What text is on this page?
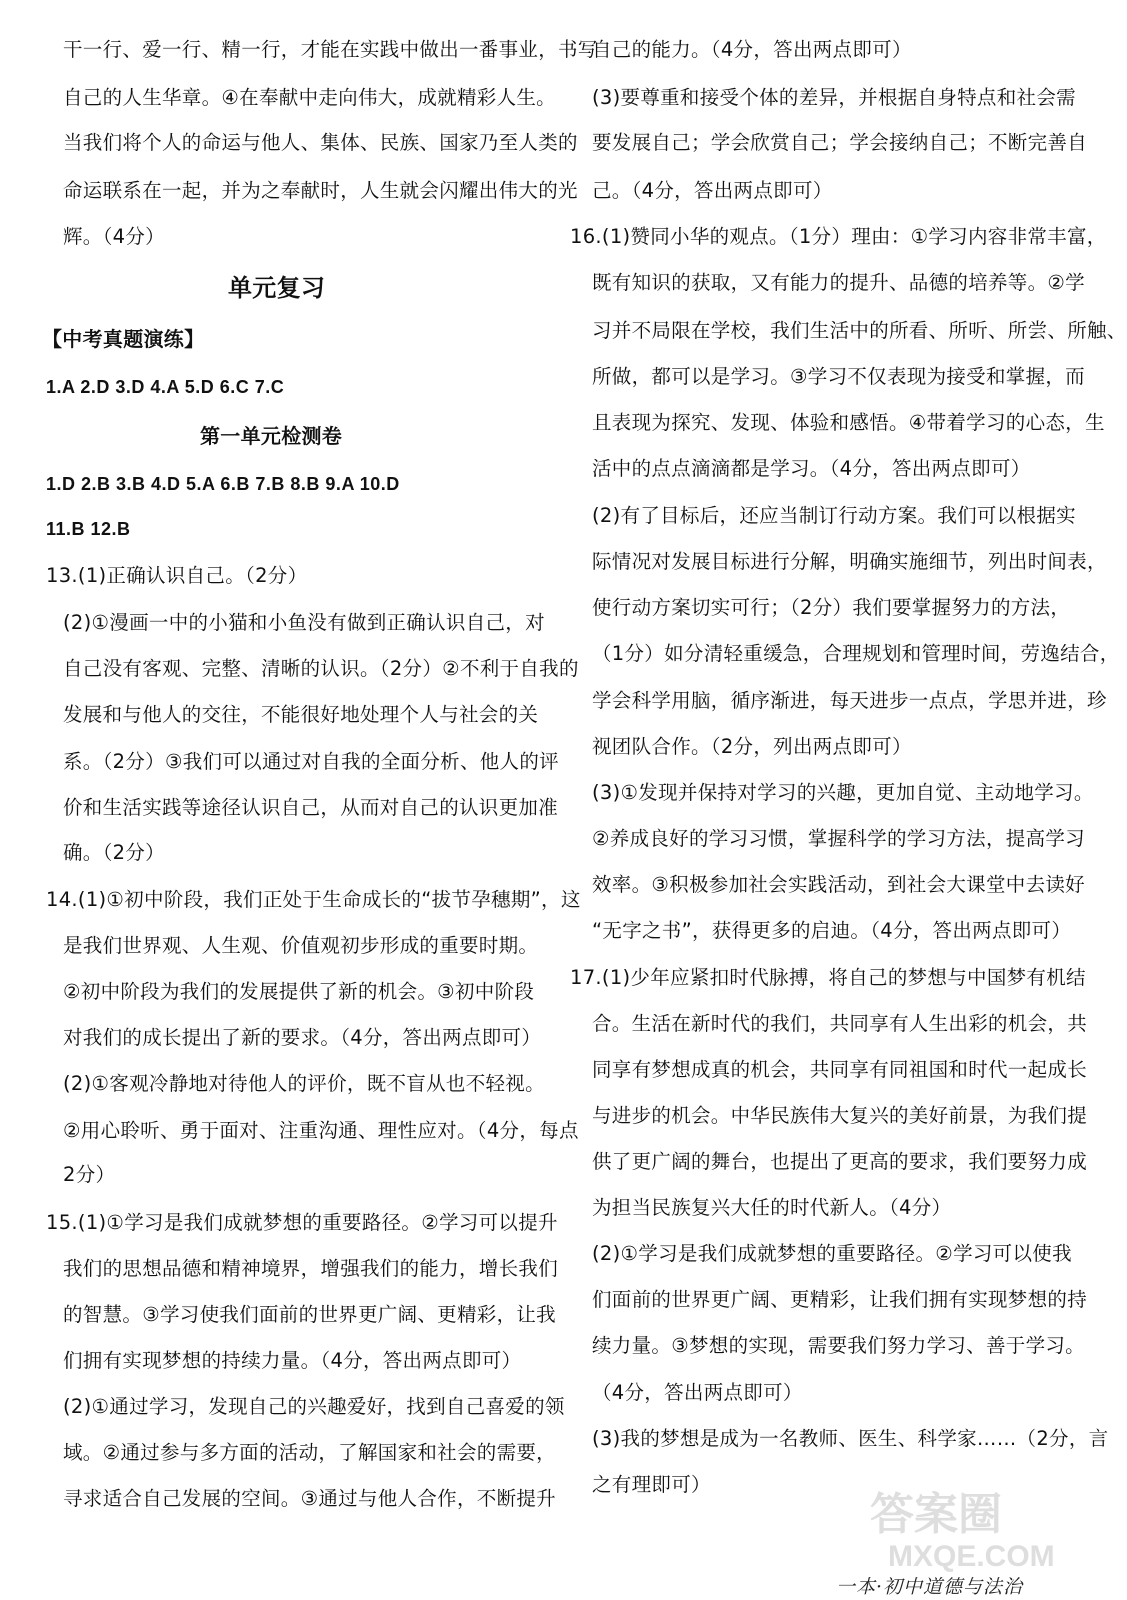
干一行、爱一行、精一行，才能在实践中做出一番事业，书写
自己的人生华章。④在奉献中走向伟大，成就精彩人生。
当我们将个人的命运与他人、集体、民族、国家乃至人类的
命运联系在一起，并为之奉献时，人生就会闪耀出伟大的光
辉。（4分）
单元复习
【中考真题演练】
1.A 2.D 3.D 4.A 5.D 6.C 7.C
第一单元检测卷
1.D 2.B 3.B 4.D 5.A 6.B 7.B 8.B 9.A 10.D
11.B 12.B
13.(1)正确认识自己。（2分）
(2)①漫画一中的小猫和小鱼没有做到正确认识自己，对
自己没有客观、完整、清晰的认识。（2分）②不利于自我的
发展和与他人的交往，不能很好地处理个人与社会的关
系。（2分）③我们可以通过对自我的全面分析、他人的评
价和生活实践等途径认识自己，从而对自己的认识更加准
确。（2分）
14.(1)①初中阶段，我们正处于生命成长的“拔节孕穗期”，这
是我们世界观、人生观、价值观初步形成的重要时期。
②初中阶段为我们的发展提供了新的机会。③初中阶段
对我们的成长提出了新的要求。（4分，答出两点即可）
(2)①客观冷静地对待他人的评价，既不盲从也不轻视。
②用心聆听、勇于面对、注重沟通、理性应对。（4分，每点
2分）
15.(1)①学习是我们成就梦想的重要路径。②学习可以提升
我们的思想品德和精神境界，增强我们的能力，增长我们
的智慧。③学习使我们面前的世界更广阔、更精彩，让我
们拥有实现梦想的持续力量。（4分，答出两点即可）
(2)①通过学习，发现自己的兴趣爱好，找到自己喜爱的领
域。②通过参与多方面的活动，了解国家和社会的需要，
寻求适合自己发展的空间。③通过与他人合作，不断提升
自己的能力。（4分，答出两点即可）
(3)要尊重和接受个体的差异，并根据自身特点和社会需
要发展自己；学会欣赏自己；学会接纳自己；不断完善自
己。（4分，答出两点即可）
16.(1)赞同小华的观点。（1分）理由：①学习内容非常丰富，
既有知识的获取，又有能力的提升、品德的培养等。②学
习并不局限在学校，我们生活中的所看、所听、所尝、所触、
所做，都可以是学习。③学习不仅表现为接受和掌握，而
且表现为探究、发现、体验和感悟。④带着学习的心态，生
活中的点点滴滴都是学习。（4分，答出两点即可）
(2)有了目标后，还应当制订行动方案。我们可以根据实
际情况对发展目标进行分解，明确实施细节，列出时间表，
使行动方案切实可行；（2分）我们要掌握努力的方法，
（1分）如分清轻重缓急，合理规划和管理时间，劳逸结合，
学会科学用脑，循序渐进，每天进步一点点，学思并进，珍
视团队合作。（2分，列出两点即可）
(3)①发现并保持对学习的兴趣，更加自觉、主动地学习。
②养成良好的学习习惯，掌握科学的学习方法，提高学习
效率。③积极参加社会实践活动，到社会大课堂中去读好
“无字之书”，获得更多的启迪。（4分，答出两点即可）
17.(1)少年应紧扣时代脉搏，将自己的梦想与中国梦有机结
合。生活在新时代的我们，共同享有人生出彩的机会，共
同享有梦想成真的机会，共同享有同祖国和时代一起成长
与进步的机会。中华民族伟大复兴的美好前景，为我们提
供了更广阔的舞台，也提出了更高的要求，我们要努力成
为担当民族复兴大任的时代新人。（4分）
(2)①学习是我们成就梦想的重要路径。②学习可以使我
们面前的世界更广阔、更精彩，让我们拥有实现梦想的持
续力量。③梦想的实现，需要我们努力学习、善于学习。
（4分，答出两点即可）
(3)我的梦想是成为一名教师、医生、科学家……（2分，言
之有理即可）
答案圈
MXQE.COM
一本·初中道德与法治
